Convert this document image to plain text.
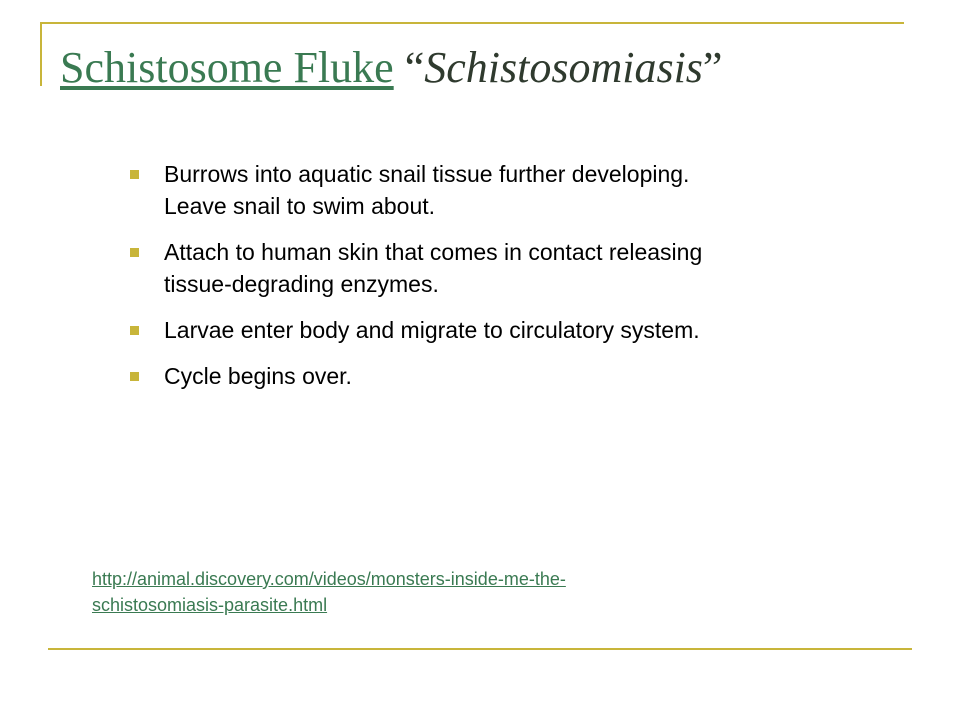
Schistosome Fluke “Schistosomiasis”
Burrows into aquatic snail tissue further developing.
Leave snail to swim about.
Attach to human skin that comes in contact releasing
tissue-degrading enzymes.
Larvae enter body and migrate to circulatory system.
Cycle begins over.
http://animal.discovery.com/videos/monsters-inside-me-the-
schistosomiasis-parasite.html
